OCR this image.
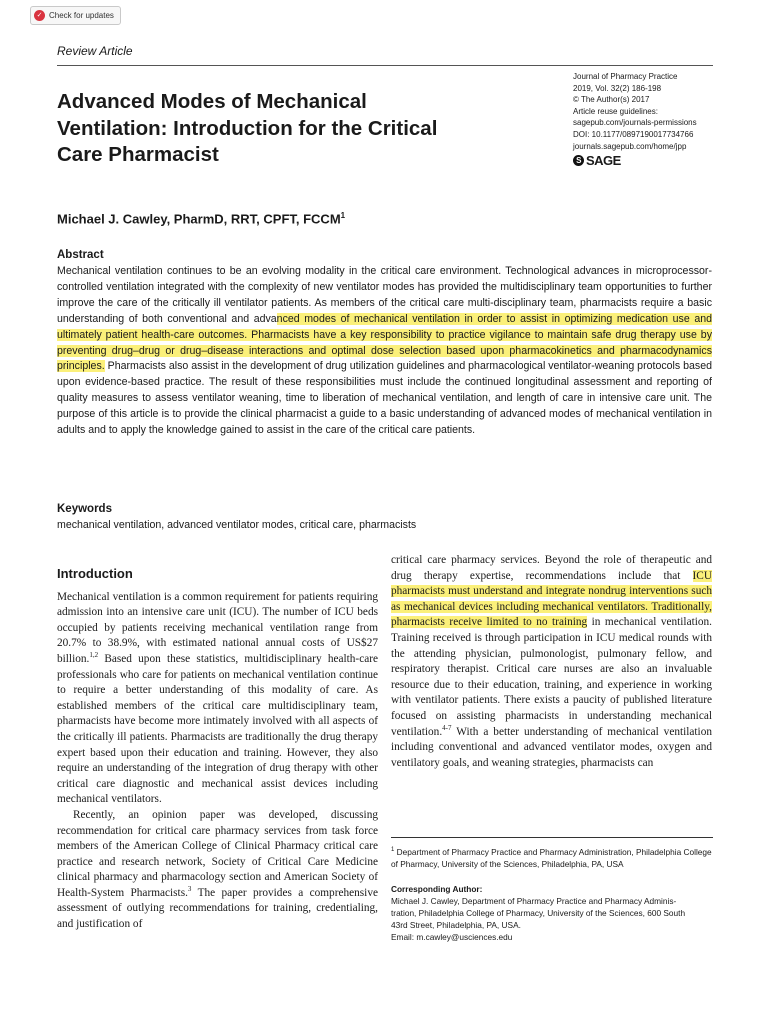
✓ Check for updates
Review Article
Advanced Modes of Mechanical Ventilation: Introduction for the Critical Care Pharmacist
Journal of Pharmacy Practice
2019, Vol. 32(2) 186-198
© The Author(s) 2017
Article reuse guidelines:
sagepub.com/journals-permissions
DOI: 10.1177/0897190017734766
journals.sagepub.com/home/jpp
S SAGE
Michael J. Cawley, PharmD, RRT, CPFT, FCCM$^1$
Abstract

Mechanical ventilation continues to be an evolving modality in the critical care environment. Technological advances in microprocessor-controlled ventilation integrated with the complexity of new ventilator modes has provided the multidisciplinary team opportunities to further improve the care of the critically ill ventilator patients. As members of the critical care multi-disciplinary team, pharmacists require a basic understanding of both conventional and advanced modes of mechanical ventilation in order to assist in optimizing medication use and ultimately patient health-care outcomes. Pharmacists have a key responsibility to practice vigilance to maintain safe drug therapy use by preventing drug–drug or drug–disease interactions and optimal dose selection based upon pharmacokinetics and pharmacodynamics principles. Pharmacists also assist in the development of drug utilization guidelines and pharmacological ventilator-weaning protocols based upon evidence-based practice. The result of these responsibilities must include the continued longitudinal assessment and reporting of quality measures to assess ventilator weaning, time to liberation of mechanical ventilation, and length of care in intensive care unit. The purpose of this article is to provide the clinical pharmacist a guide to a basic understanding of advanced modes of mechanical ventilation in adults and to apply the knowledge gained to assist in the care of the critical care patients.

Keywords
mechanical ventilation, advanced ventilator modes, critical care, pharmacists
Introduction

Mechanical ventilation is a common requirement for patients requiring admission into an intensive care unit (ICU). The number of ICU beds occupied by patients receiving mechanical ventilation range from 20.7% to 38.9%, with estimated national annual costs of US$27 billion.$^{1,2}$ Based upon these statistics, multidisciplinary health-care professionals who care for patients on mechanical ventilation continue to require a better understanding of this modality of care. As established members of the critical care multidisciplinary team, pharmacists have become more intimately involved with all aspects of the critically ill patients. Pharmacists are traditionally the drug therapy expert based upon their education and training. However, they also require an understanding of the integration of drug therapy with other critical care diagnostic and mechanical assist devices including mechanical ventilators.

Recently, an opinion paper was developed, discussing recommendation for critical care pharmacy services from task force members of the American College of Clinical Pharmacy critical care practice and research network, Society of Critical Care Medicine clinical pharmacy and pharmacology section and American Society of Health-System Pharmacists.$^3$ The paper provides a comprehensive assessment of outlying recommendations for training, credentialing, and justification of

critical care pharmacy services. Beyond the role of therapeutic and drug therapy expertise, recommendations include that ICU pharmacists must understand and integrate nondrug interventions such as mechanical devices including mechanical ventilators. Traditionally, pharmacists receive limited to no training in mechanical ventilation. Training received is through participation in ICU medical rounds with the attending physician, pulmonologist, pulmonary fellow, and respiratory therapist. Critical care nurses are also an invaluable resource due to their education, training, and experience in working with ventilator patients. There exists a paucity of published literature focused on assisting pharmacists in understanding mechanical ventilation.$^{4-7}$ With a better understanding of mechanical ventilation including conventional and advanced ventilator modes, oxygen and ventilatory goals, and weaning strategies, pharmacists can

$^1$ Department of Pharmacy Practice and Pharmacy Administration, Philadelphia College of Pharmacy, University of the Sciences, Philadelphia, PA, USA
Corresponding Author:
Michael J. Cawley, Department of Pharmacy Practice and Pharmacy Adminis-
tration, Philadelphia College of Pharmacy, University of the Sciences, 600 South
43rd Street, Philadelphia, PA, USA.
Email: m.cawley@usciences.edu
